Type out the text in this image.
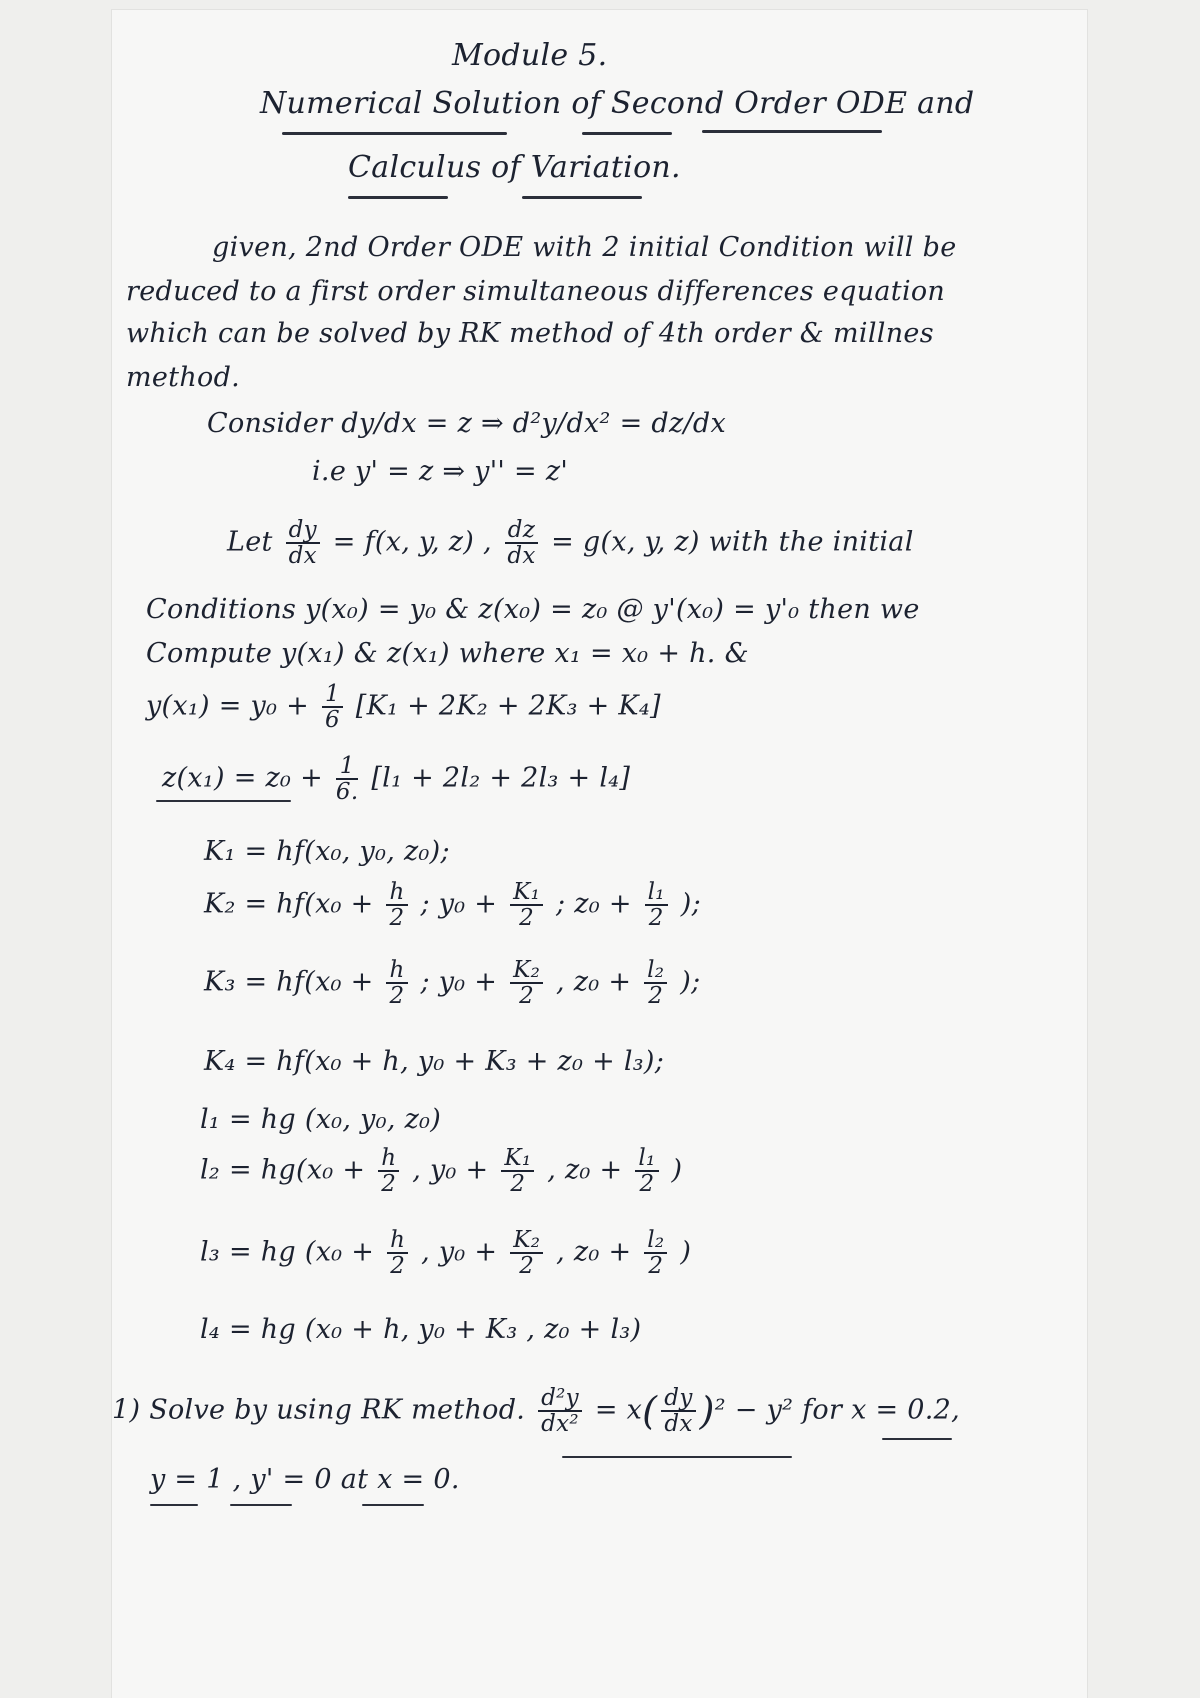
Module 5.
Numerical Solution of Second Order ODE and
Calculus of Variation.
given, 2nd Order ODE with 2 initial Condition will be
reduced to a first order simultaneous differences equation
which can be solved by RK method of 4th order & millnes
method.
Consider dy/dx = z ⇒ d²y/dx² = dz/dx
i.e y' = z ⇒ y'' = z'
Let $\frac{dy}{dx} = f(x$, y, z) , $\frac{dz}{dx} = g(x$, y, z) with the initial
Conditions y(x₀) = y₀ & z(x₀) = z₀ @ y'(x₀) = y'₀ then we
Compute y(x₁) & z(x₁) where x₁ = x₀ + h. &
$y(x_1) = y_0 + \frac{1}{6} [K_1 + 2K_2 + 2K_3 + K_4]$
$z(x_1) = z_0 + \frac{1}{6.} [l_1 + 2l_2 + 2l_3 + l_4]$
K₁ = hf(x₀, y₀, z₀);
$K_2 = hf(x_0 + \frac{h}{2}$ ; $y_0 + \frac{\text{K₁}}{2}$ ; $z_0 + \frac{\text{l₁}}{2}$ );
$K_3 = hf(x_0 + \frac{h}{2}$ ; $y_0 + \frac{\text{K₂}}{2}$ , $z_0 + \frac{\text{l₂}}{2}$ );
K₄ = hf(x₀ + h, y₀ + K₃ + z₀ + l₃);
l₁ = hg (x₀, y₀, z₀)
$l_2 = hg(x_0 + \frac{h}{2}$ , $y_0 + \frac{\text{K₁}}{2}$ , $z_0 + \frac{\text{l₁}}{2}$ )
l₃ = hg ($x_0 + \frac{h}{2}$ , $y_0 + \frac{\text{K₂}}{2}$ , $z_0 + \frac{\text{l₂}}{2}$ )
l₄ = hg (x₀ + h, y₀ + K₃ , z₀ + l₃)
1) Solve by using RK method. $\frac{\text{d²y}}{\text{dx²}} = x( \frac{dy}{dx} )^2 - y^2$ for x = 0.2,
y = 1 , y' = 0 at x = 0.
